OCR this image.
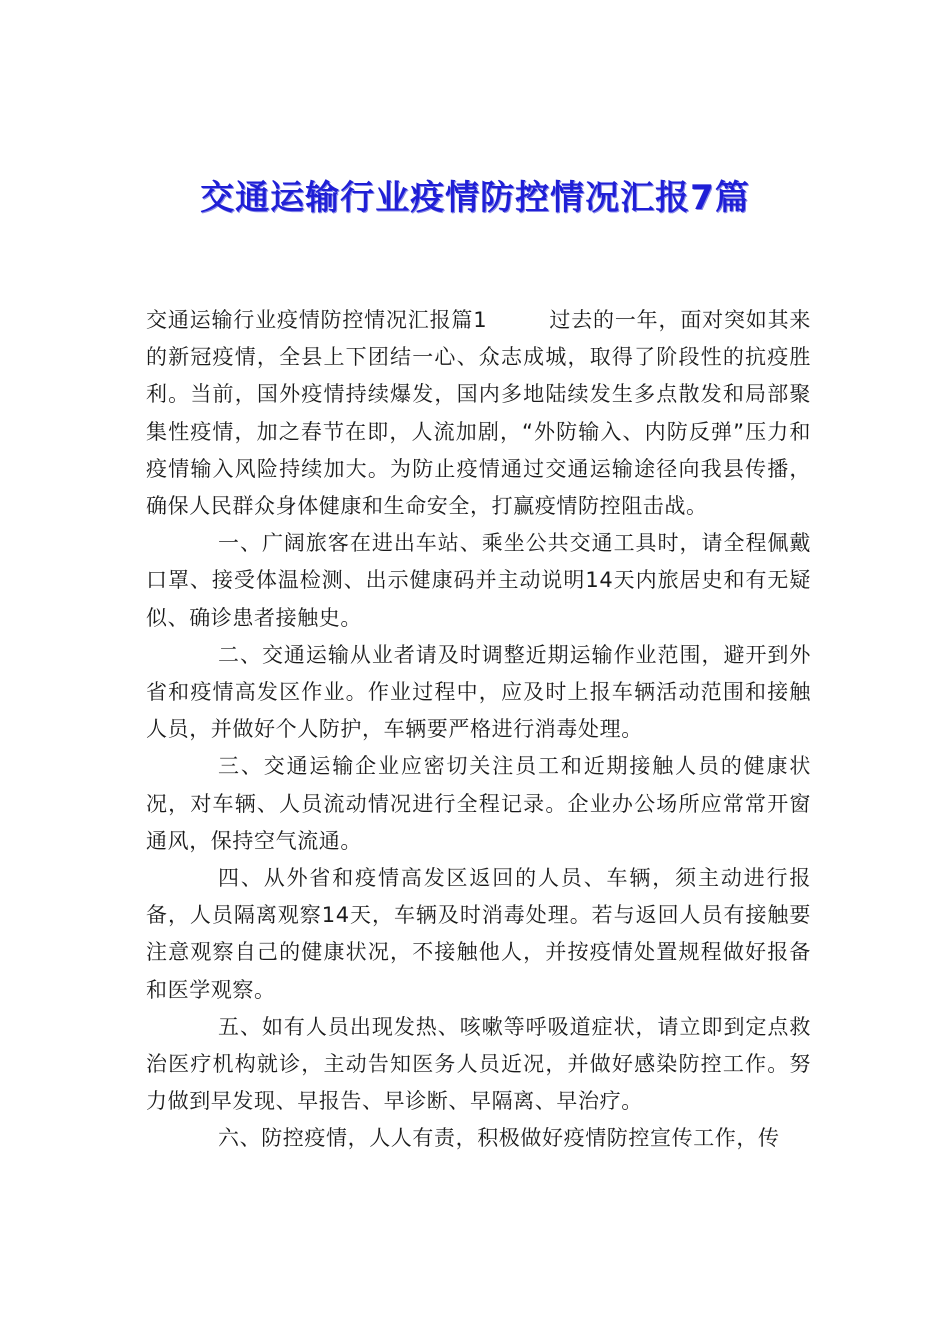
交通运输行业疫情防控情况汇报7篇

交通运输行业疫情防控情况汇报篇1	过去的一年，面对突如其来的新冠疫情，全县上下团结一心、众志成城，取得了阶段性的抗疫胜利。当前，国外疫情持续爆发，国内多地陆续发生多点散发和局部聚集性疫情，加之春节在即，人流加剧，“外防输入、内防反弹”压力和疫情输入风险持续加大。为防止疫情通过交通运输途径向我县传播，确保人民群众身体健康和生命安全，打赢疫情防控阻击战。

一、广阔旅客在进出车站、乘坐公共交通工具时，请全程佩戴口罩、接受体温检测、出示健康码并主动说明14天内旅居史和有无疑似、确诊患者接触史。

二、交通运输从业者请及时调整近期运输作业范围，避开到外省和疫情高发区作业。作业过程中，应及时上报车辆活动范围和接触人员，并做好个人防护，车辆要严格进行消毒处理。

三、交通运输企业应密切关注员工和近期接触人员的健康状况，对车辆、人员流动情况进行全程记录。企业办公场所应常常开窗通风，保持空气流通。

四、从外省和疫情高发区返回的人员、车辆，须主动进行报备，人员隔离观察14天，车辆及时消毒处理。若与返回人员有接触要注意观察自己的健康状况，不接触他人，并按疫情处置规程做好报备和医学观察。

五、如有人员出现发热、咳嗽等呼吸道症状，请立即到定点救治医疗机构就诊，主动告知医务人员近况，并做好感染防控工作。努力做到早发现、早报告、早诊断、早隔离、早治疗。

六、防控疫情，人人有责，积极做好疫情防控宣传工作，传
